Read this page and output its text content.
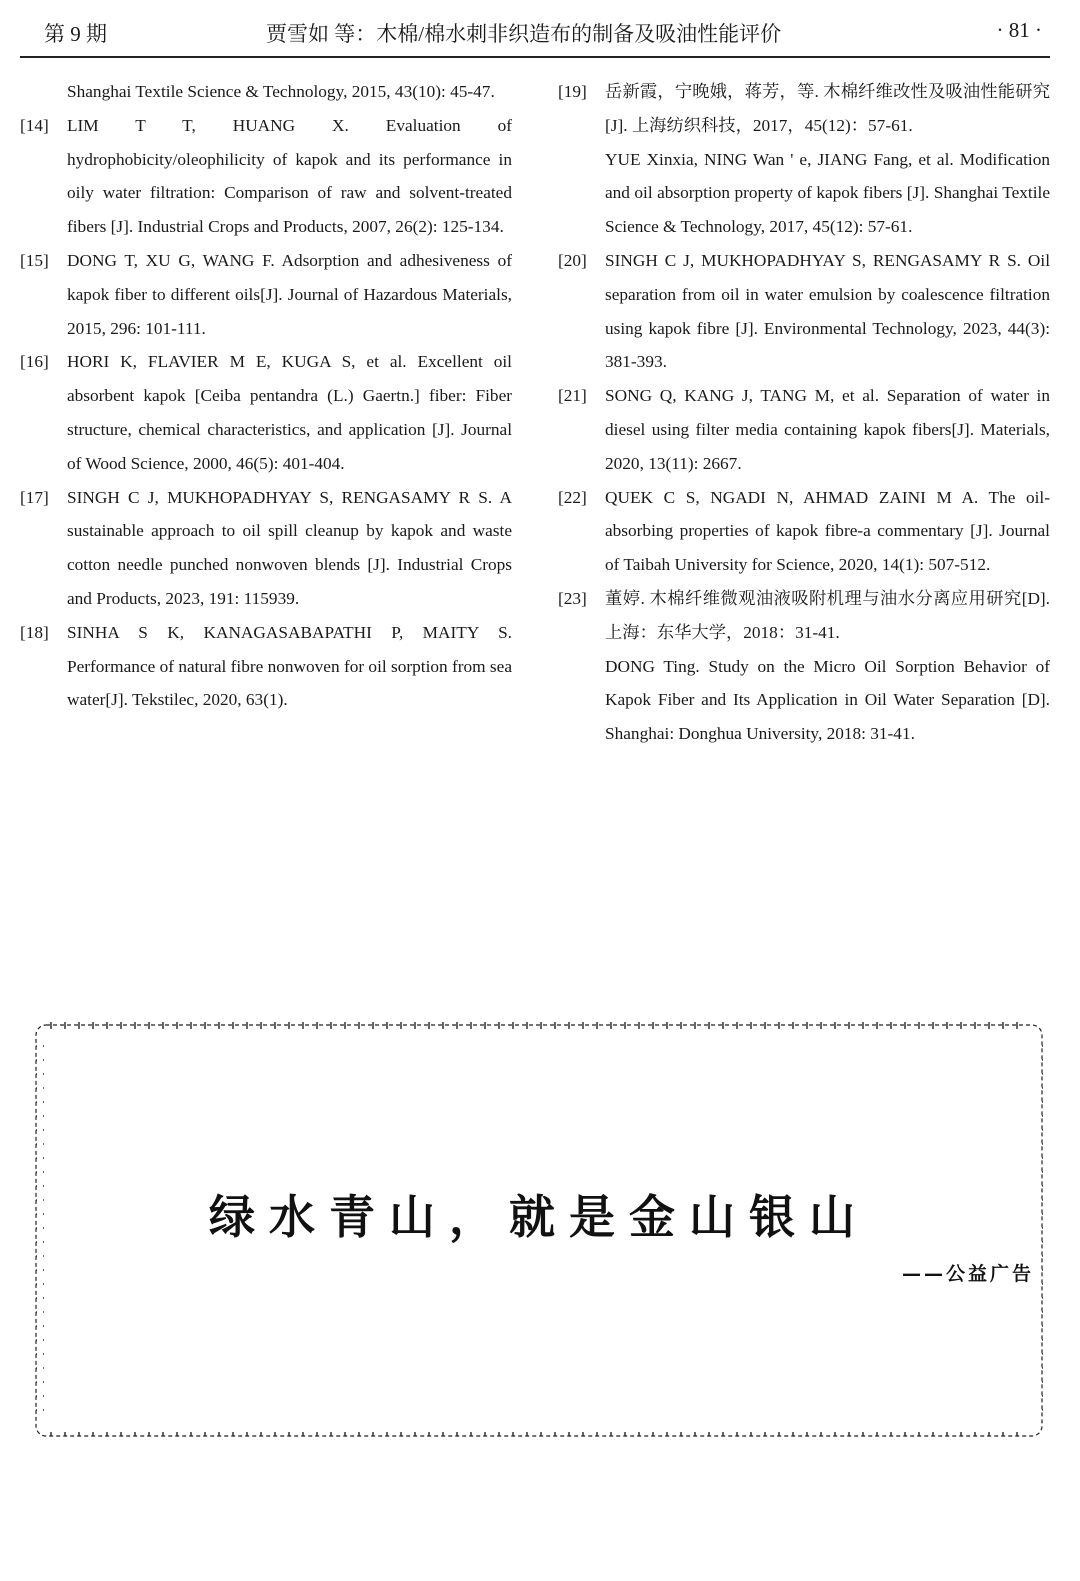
第 9 期	贾雪如 等：木棉/棉水刺非织造布的制备及吸油性能评价	· 81 ·

Shanghai Textile Science & Technology, 2015, 43(10): 45-47.

[14] LIM T T, HUANG X. Evaluation of hydrophobicity/oleophilicity of kapok and its performance in oily water filtration: Comparison of raw and solvent-treated fibers [J]. Industrial Crops and Products, 2007, 26(2): 125-134.

[15] DONG T, XU G, WANG F. Adsorption and adhesiveness of kapok fiber to different oils[J]. Journal of Hazardous Materials, 2015, 296: 101-111.

[16] HORI K, FLAVIER M E, KUGA S, et al. Excellent oil absorbent kapok [Ceiba pentandra (L.) Gaertn.] fiber: Fiber structure, chemical characteristics, and application [J]. Journal of Wood Science, 2000, 46(5): 401-404.

[17] SINGH C J, MUKHOPADHYAY S, RENGASAMY R S. A sustainable approach to oil spill cleanup by kapok and waste cotton needle punched nonwoven blends [J]. Industrial Crops and Products, 2023, 191: 115939.

[18] SINHA S K, KANAGASABAPATHI P, MAITY S. Performance of natural fibre nonwoven for oil sorption from sea water[J]. Tekstilec, 2020, 63(1).

[19] 岳新霞，宁晚娥，蒋芳，等. 木棉纤维改性及吸油性能研究[J]. 上海纺织科技，2017，45(12)：57-61.

YUE Xinxia, NING Wan ' e, JIANG Fang, et al. Modification and oil absorption property of kapok fibers [J]. Shanghai Textile Science & Technology, 2017, 45(12): 57-61.

[20] SINGH C J, MUKHOPADHYAY S, RENGASAMY R S. Oil separation from oil in water emulsion by coalescence filtration using kapok fibre [J]. Environmental Technology, 2023, 44(3): 381-393.

[21] SONG Q, KANG J, TANG M, et al. Separation of water in diesel using filter media containing kapok fibers[J]. Materials, 2020, 13(11): 2667.

[22] QUEK C S, NGADI N, AHMAD ZAINI M A. The oil-absorbing properties of kapok fibre-a commentary [J]. Journal of Taibah University for Science, 2020, 14(1): 507-512.

[23] 董婷. 木棉纤维微观油液吸附机理与油水分离应用研究[D]. 上海：东华大学，2018：31-41.

DONG Ting. Study on the Micro Oil Sorption Behavior of Kapok Fiber and Its Application in Oil Water Separation [D]. Shanghai: Donghua University, 2018: 31-41.

绿水青山，就是金山银山
——公益广告
